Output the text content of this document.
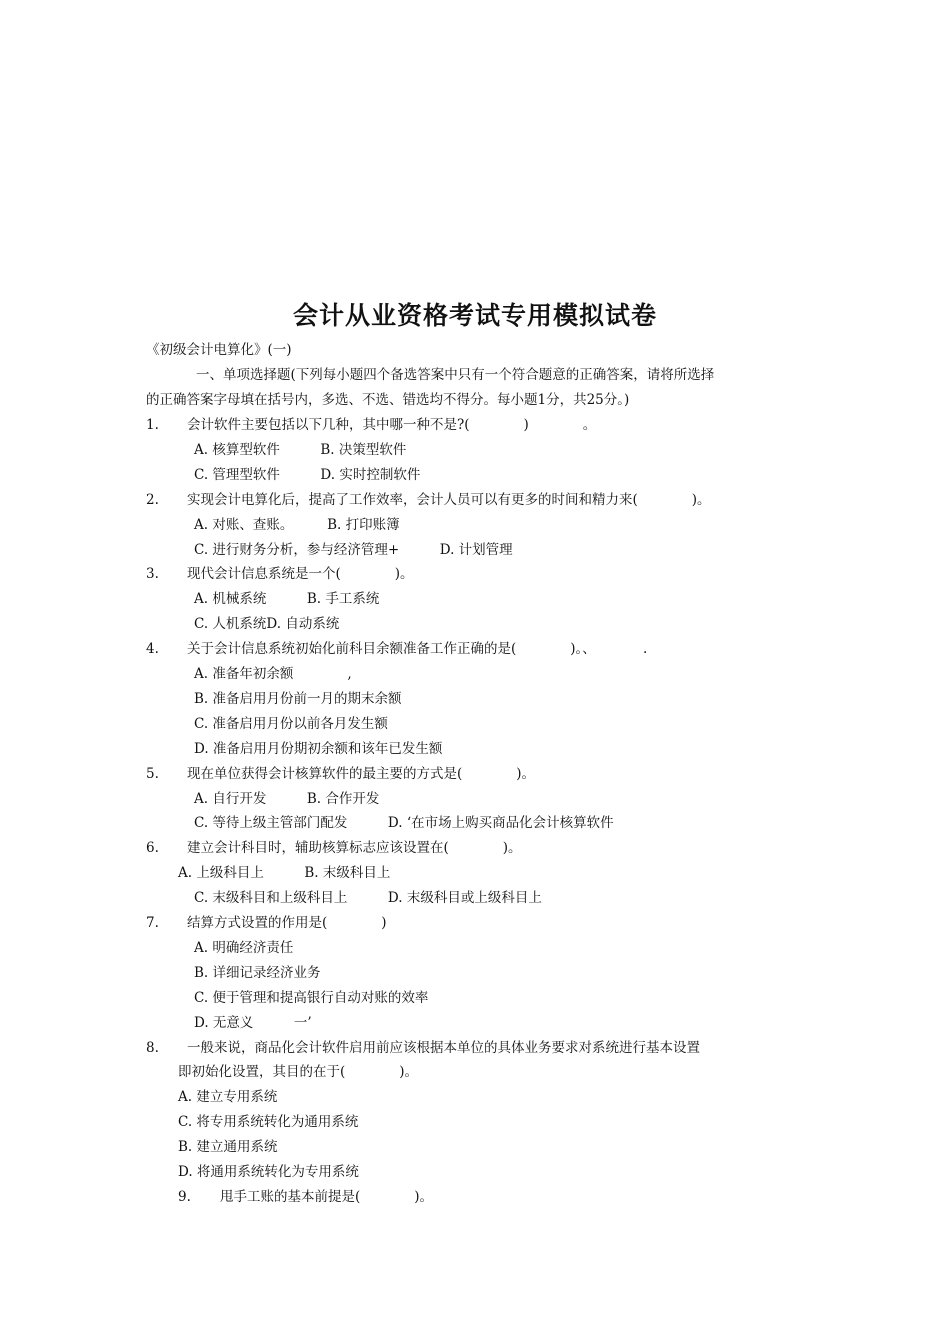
会计从业资格考试专用模拟试卷
《初级会计电算化》(一)
一、单项选择题(下列每小题四个备选答案中只有一个符合题意的正确答案，请将所选择
的正确答案字母填在括号内，多选、不选、错选均不得分。每小题1分，共25分。)
1. 会计软件主要包括以下几种，其中哪一种不是?(　　　　)　　　　。
A. 核算型软件　　　B. 决策型软件
C. 管理型软件　　　D. 实时控制软件
2. 实现会计电算化后，提高了工作效率，会计人员可以有更多的时间和精力来(　　　　)。
A. 对账、查账。　　　B. 打印账簿
C. 进行财务分析，参与经济管理+　　　D. 计划管理
3. 现代会计信息系统是一个(　　　　)。
A. 机械系统　　　B. 手工系统
C. 人机系统D. 自动系统
4. 关于会计信息系统初始化前科目余额准备工作正确的是(　　　　)。、　　　　.
A. 准备年初余额　　　　,
B. 准备启用月份前一月的期末余额
C. 准备启用月份以前各月发生额
D. 准备启用月份期初余额和该年已发生额
5. 现在单位获得会计核算软件的最主要的方式是(　　　　)。
A. 自行开发　　　B. 合作开发
C. 等待上级主管部门配发　　　D. ‘在市场上购买商品化会计核算软件
6. 建立会计科目时，辅助核算标志应该设置在(　　　　)。
A. 上级科目上　　　B. 末级科目上
C. 末级科目和上级科目上　　　D. 末级科目或上级科目上
7. 结算方式设置的作用是(　　　　)
A. 明确经济责任
B. 详细记录经济业务
C. 便于管理和提高银行自动对账的效率
D. 无意义　　　一’
8. 一般来说，商品化会计软件启用前应该根据本单位的具体业务要求对系统进行基本设置
即初始化设置，其目的在于(　　　　)。
A. 建立专用系统
C. 将专用系统转化为通用系统
B. 建立通用系统
D. 将通用系统转化为专用系统
9. 甩手工账的基本前提是(　　　　)。
